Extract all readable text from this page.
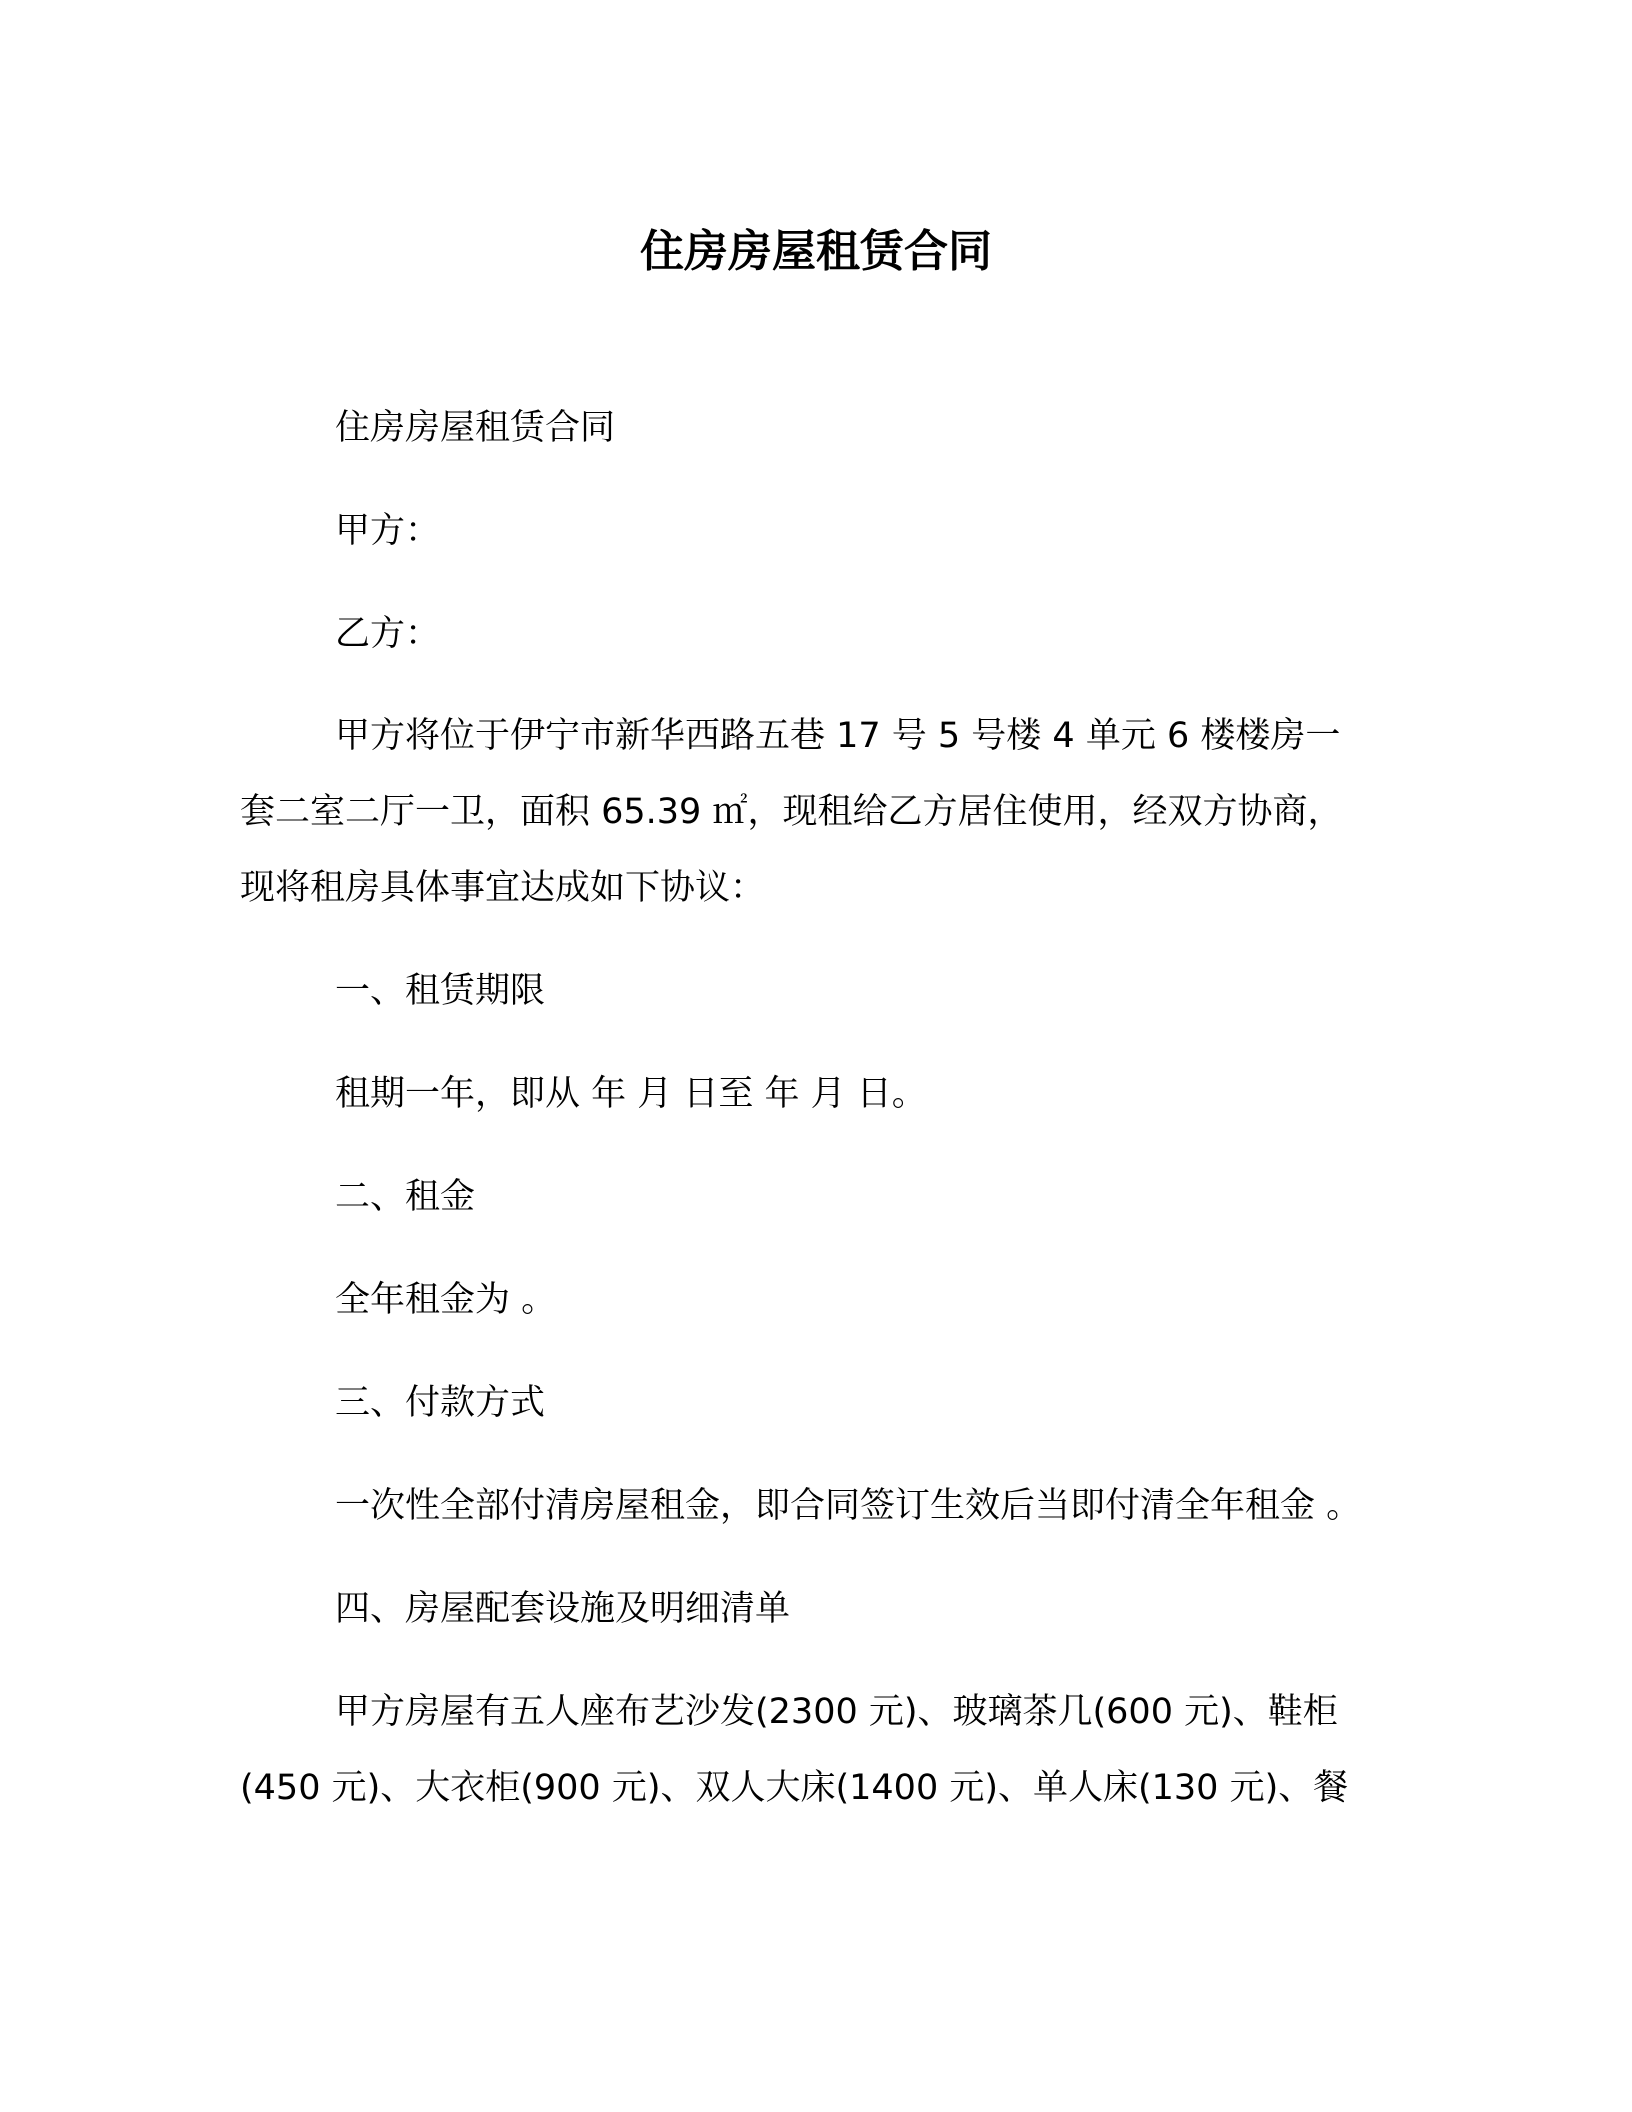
住房房屋租赁合同

住房房屋租赁合同

甲方：

乙方：

甲方将位于伊宁市新华西路五巷 17 号 5 号楼 4 单元 6 楼楼房一
套二室二厅一卫，面积 65.39 ㎡，现租给乙方居住使用，经双方协商，
现将租房具体事宜达成如下协议：

一、租赁期限

租期一年，即从 年 月 日至 年 月 日。

二、租金

全年租金为 。

三、付款方式

一次性全部付清房屋租金，即合同签订生效后当即付清全年租金 。

四、房屋配套设施及明细清单

甲方房屋有五人座布艺沙发(2300 元)、玻璃茶几(600 元)、鞋柜
(450 元)、大衣柜(900 元)、双人大床(1400 元)、单人床(130 元)、餐
